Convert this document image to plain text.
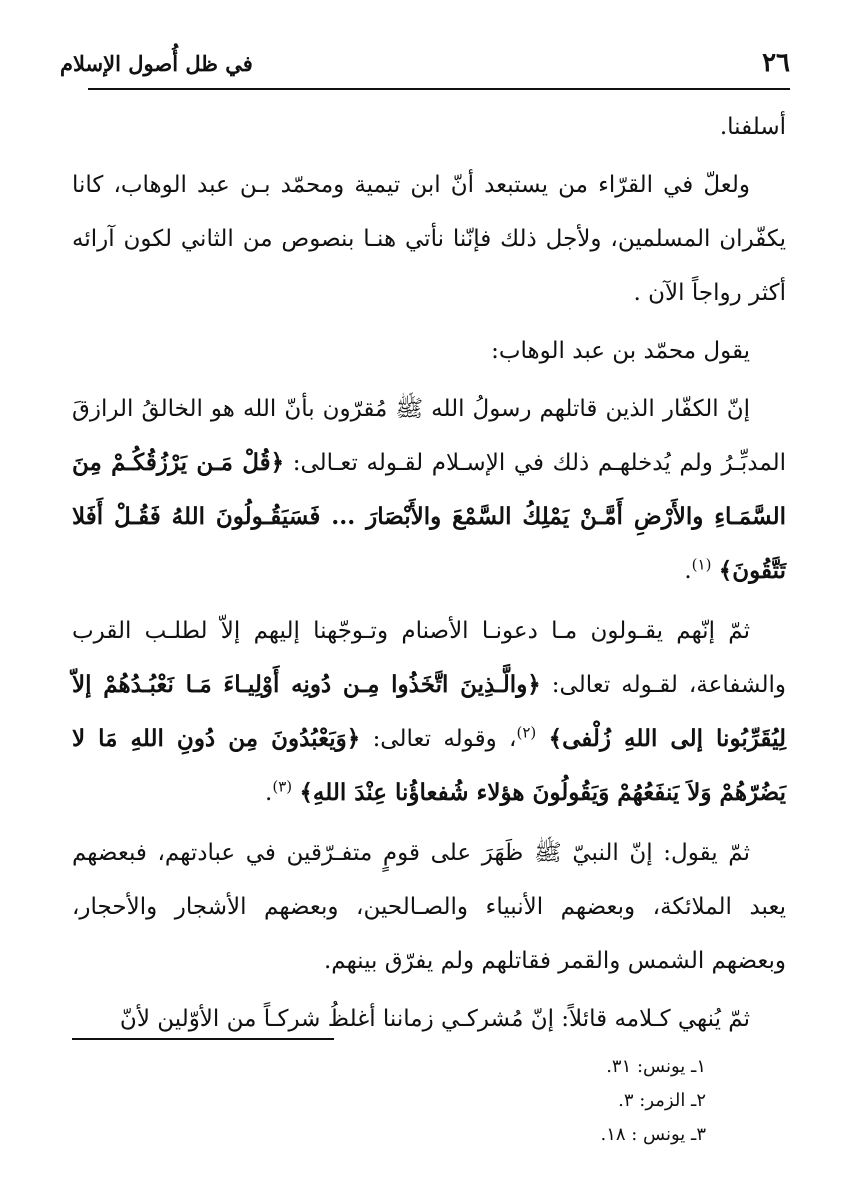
٢٦
في ظل أُصول الإسلام

أسلفنا.

ولعلّ في القرّاء من يستبعد أنّ ابن تيمية ومحمّد بـن عبد الوهاب، كانا يكفّران المسلمين، ولأجل ذلك فإنّنا نأتي هنـا بنصوص من الثاني لكون آرائه أكثر رواجاً الآن .

يقول محمّد بن عبد الوهاب:

إنّ الكفّار الذين قاتلهم رسولُ الله ﷺ مُقرّون بأنّ الله هو الخالقُ الرازقَ المدبِّـرُ ولم يُدخلهـم ذلك في الإسـلام لقـوله تعـالى: ﴿قُلْ مَـن يَرْزُقُكُـمْ مِنَ السَّمَـاءِ والأَرْضِ أَمَّـنْ يَمْلِكُ السَّمْعَ والأَبْصَارَ ... فَسَيَقُـولُونَ اللهُ فَقُـلْ أَفَلا تَتَّقُونَ﴾ $^{(١)}$.

ثمّ إنّهم يقـولون مـا دعونـا الأصنام وتـوجّهنا إليهم إلاّ لطلـب القرب والشفاعة، لقـوله تعالى: ﴿والَّـذِينَ اتَّخَذُوا مِـن دُونِه أَوْلِيـاءَ مَـا نَعْبُـدُهُمْ إلاّ لِيُقَرِّبُونا إلى اللهِ زُلْفى﴾ $^{(٢)}$، وقوله تعالى: ﴿وَيَعْبُدُونَ مِن دُونِ اللهِ مَا لا يَضُرّهُمْ وَلاَ يَنفَعُهُمْ وَيَقُولُونَ هؤلاء شُفعاؤُنا عِنْدَ اللهِ﴾ $^{(٣)}$.

ثمّ يقول: إنّ النبيّ ﷺ ظَهَرَ على قومٍ متفـرّقين في عبادتهم، فبعضهم يعبد الملائكة، وبعضهم الأنبياء والصـالحين، وبعضهم الأشجار والأحجار، وبعضهم الشمس والقمر فقاتلهم ولم يفرّق بينهم.

ثمّ يُنهي كـلامه قائلاً: إنّ مُشركـي زماننا أغلظُ شركـاً من الأوّلين لأنّ

١ـ يونس: ٣١.
٢ـ الزمر: ٣.
٣ـ يونس : ١٨.
